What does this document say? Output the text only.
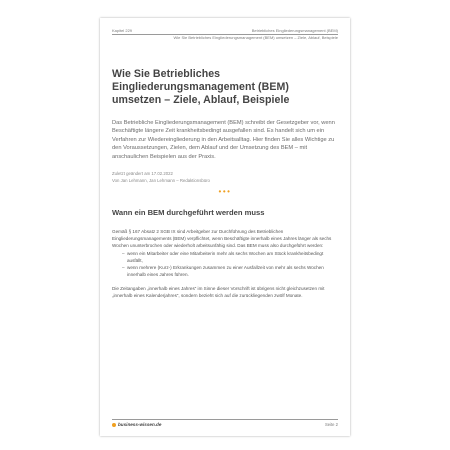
Kapitel 229	Betriebliches Eingliederungsmanagement (BEM)
Wie Sie Betriebliches Eingliederungsmanagement (BEM) umsetzen – Ziele, Ablauf, Beispiele
Wie Sie Betriebliches Eingliederungsmanagement (BEM) umsetzen – Ziele, Ablauf, Beispiele

Das Betriebliche Eingliederungsmanagement (BEM) schreibt der Gesetzgeber vor, wenn Beschäftigte längere Zeit krankheitsbedingt ausgefallen sind. Es handelt sich um ein Verfahren zur Wiedereingliederung in den Arbeitsalltag. Hier finden Sie alles Wichtige zu den Voraussetzungen, Zielen, dem Ablauf und der Umsetzung des BEM – mit anschaulichen Beispielen aus der Praxis.

Zuletzt geändert am 17.02.2022
Von Jan Lehmann, Jan Lehmann – Redaktionsbüro
•••
Wann ein BEM durchgeführt werden muss

Gemäß § 167 Absatz 2 SGB IX sind Arbeitgeber zur Durchführung des Betrieblichen Eingliederungsmanagements (BEM) verpflichtet, wenn Beschäftigte innerhalb eines Jahres länger als sechs Wochen ununterbrochen oder wiederholt arbeitsunfähig sind. Das BEM muss also durchgeführt werden:

– wenn ein Mitarbeiter oder eine Mitarbeiterin mehr als sechs Wochen am Stück krankheitsbedingt ausfällt,
– wenn mehrere (Kurz-) Erkrankungen zusammen zu einer Ausfallzeit von mehr als sechs Wochen innerhalb eines Jahres führen.

Die Zeitangaben „innerhalb eines Jahres“ im Sinne dieser Vorschrift ist übrigens nicht gleichzusetzen mit „innerhalb eines Kalenderjahres“, sondern bezieht sich auf die zurückliegenden zwölf Monate.

business-wissen.de	Seite 2
